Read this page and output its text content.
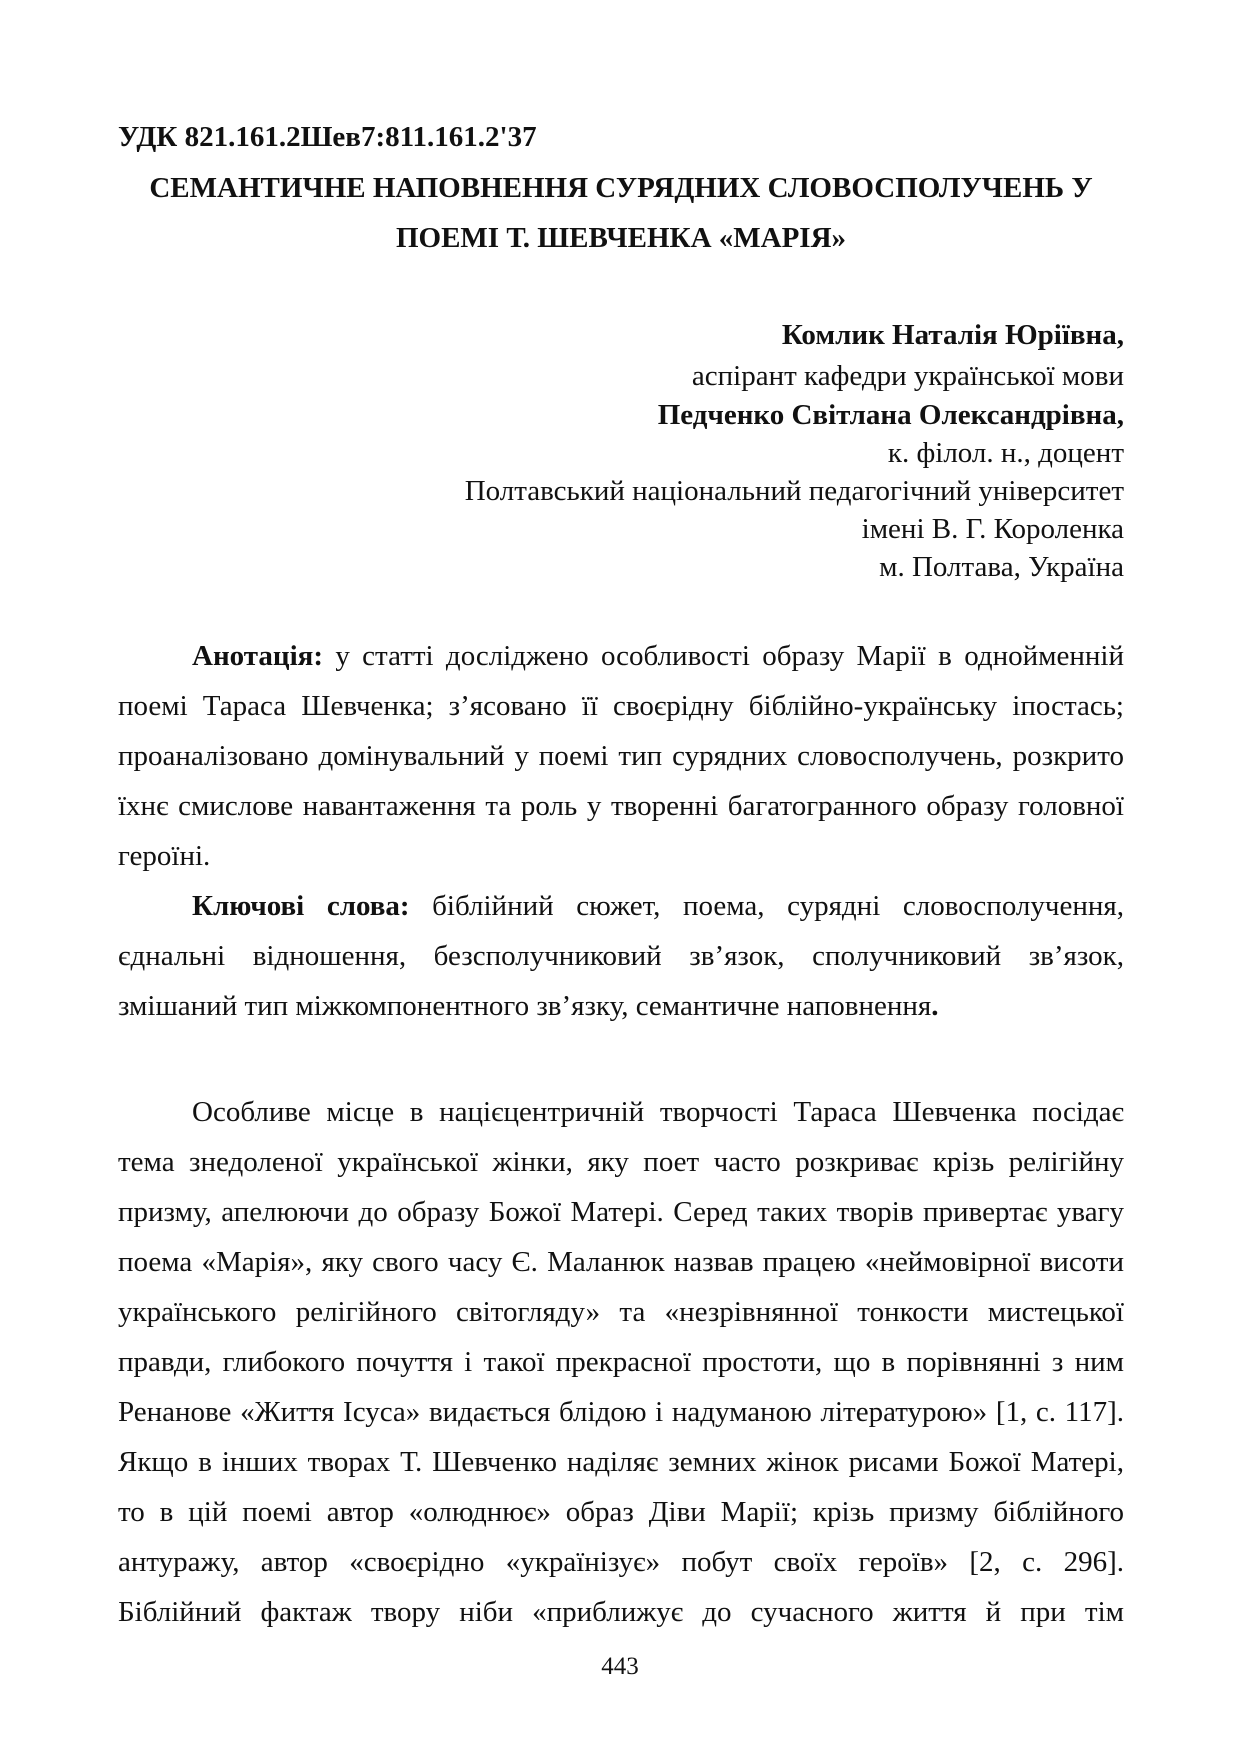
УДК 821.161.2Шев7:811.161.2'37
СЕМАНТИЧНЕ НАПОВНЕННЯ СУРЯДНИХ СЛОВОСПОЛУЧЕНЬ У
ПОЕМІ Т. ШЕВЧЕНКА «МАРІЯ»
Комлик Наталія Юріївна,
аспірант кафедри української мови
Педченко Світлана Олександрівна,
к. філол. н., доцент
Полтавський національний педагогічний університет
імені В. Г. Короленка
м. Полтава, Україна
Анотація: у статті досліджено особливості образу Марії в однойменній
поемі Тараса Шевченка; з’ясовано її своєрідну біблійно-українську іпостась;
проаналізовано домінувальний у поемі тип сурядних словосполучень, розкрито
їхнє смислове навантаження та роль у творенні багатогранного образу головної
героїні.
Ключові слова: біблійний сюжет, поема, сурядні словосполучення,
єднальні відношення, безсполучниковий зв’язок, сполучниковий зв’язок,
змішаний тип міжкомпонентного зв’язку, семантичне наповнення.
Особливе місце в націєцентричній творчості Тараса Шевченка посідає
тема знедоленої української жінки, яку поет часто розкриває крізь релігійну
призму, апелюючи до образу Божої Матері. Серед таких творів привертає увагу
поема «Марія», яку свого часу Є. Маланюк назвав працею «неймовірної висоти
українського релігійного світогляду» та «незрівнянної тонкости мистецької
правди, глибокого почуття і такої прекрасної простоти, що в порівнянні з ним
Ренанове «Життя Ісуса» видається блідою і надуманою літературою» [1, с. 117].
Якщо в інших творах Т. Шевченко наділяє земних жінок рисами Божої Матері,
то в цій поемі автор «олюднює» образ Діви Марії; крізь призму біблійного
антуражу, автор «своєрідно «українізує» побут своїх героїв» [2, с. 296].
Біблійний фактаж твору ніби «приближує до сучасного життя й при тім
443
